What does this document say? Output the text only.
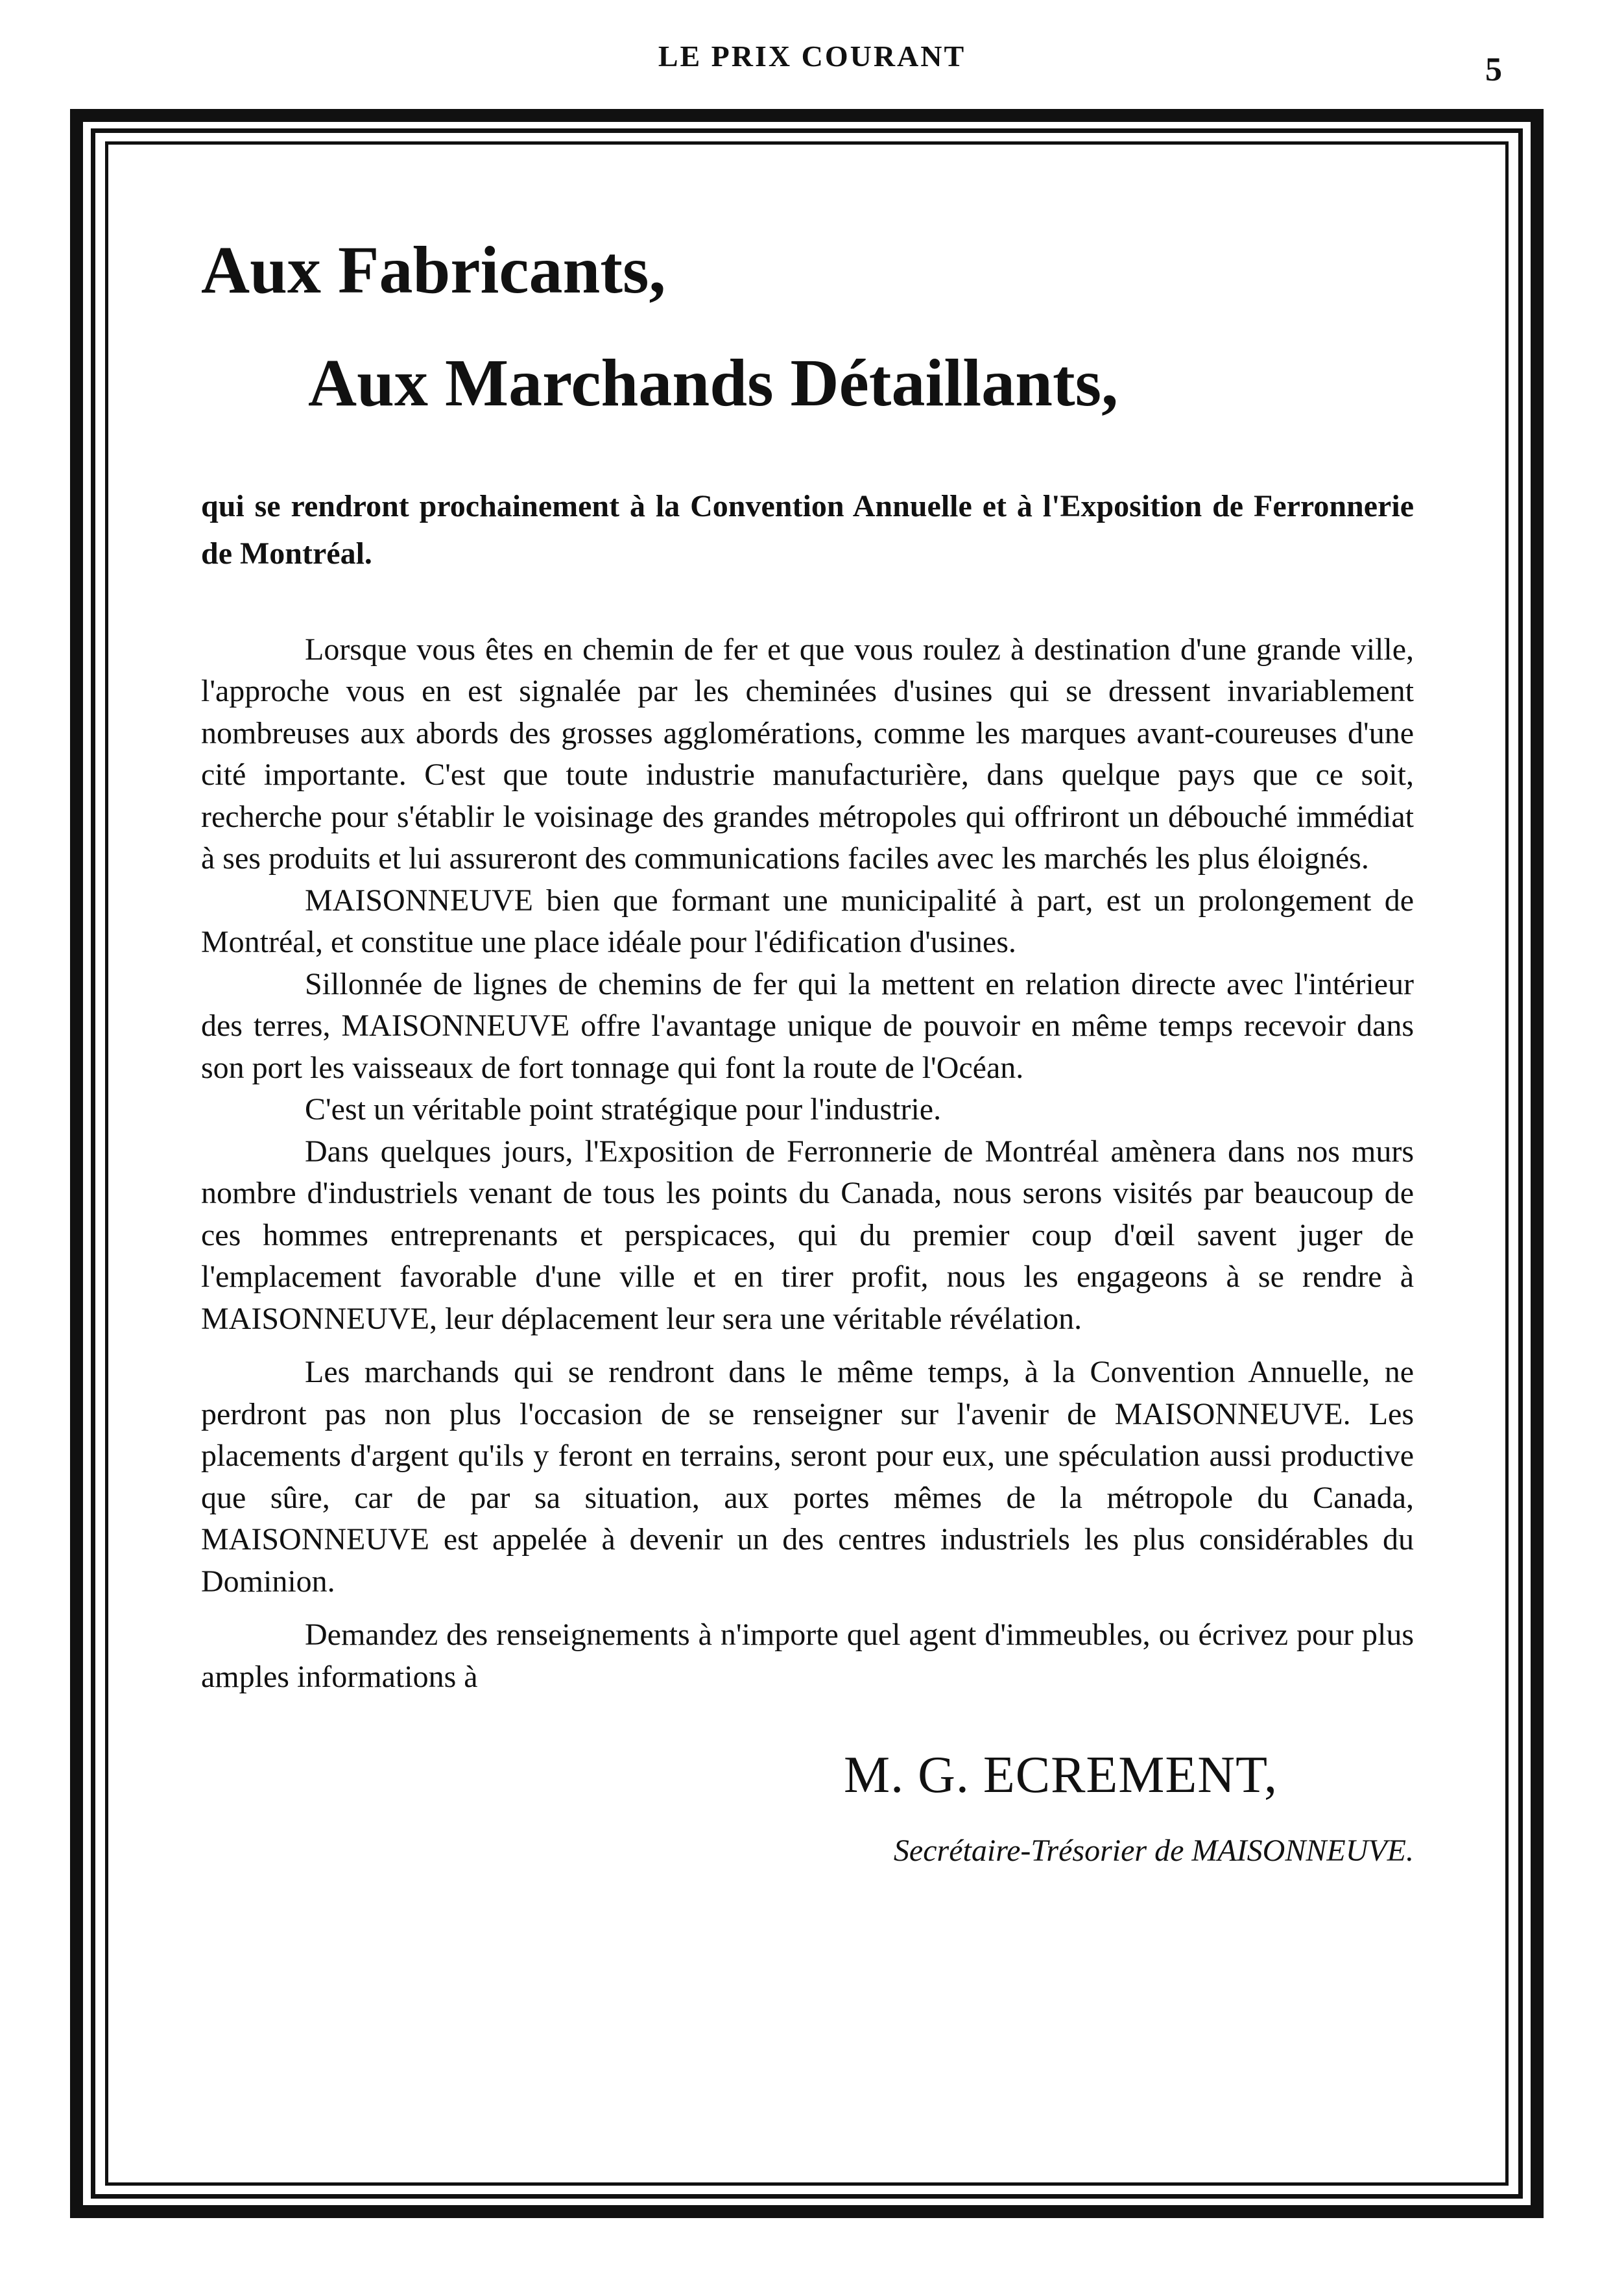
LE PRIX COURANT	5
Aux Fabricants,
Aux Marchands Détaillants,

qui se rendront prochainement à la Convention Annuelle et à l'Exposition de Ferronnerie de Montréal.

Lorsque vous êtes en chemin de fer et que vous roulez à destination d'une grande ville, l'approche vous en est signalée par les cheminées d'usines qui se dressent invariablement nombreuses aux abords des grosses agglomérations, comme les marques avant-coureuses d'une cité importante. C'est que toute industrie manufacturière, dans quelque pays que ce soit, recherche pour s'établir le voisinage des grandes métropoles qui offriront un débouché immédiat à ses produits et lui assureront des communications faciles avec les marchés les plus éloignés.

MAISONNEUVE bien que formant une municipalité à part, est un prolongement de Montréal, et constitue une place idéale pour l'édification d'usines.

Sillonnée de lignes de chemins de fer qui la mettent en relation directe avec l'intérieur des terres, MAISONNEUVE offre l'avantage unique de pouvoir en même temps recevoir dans son port les vaisseaux de fort tonnage qui font la route de l'Océan.

C'est un véritable point stratégique pour l'industrie.

Dans quelques jours, l'Exposition de Ferronnerie de Montréal amènera dans nos murs nombre d'industriels venant de tous les points du Canada, nous serons visités par beaucoup de ces hommes entreprenants et perspicaces, qui du premier coup d'œil savent juger de l'emplacement favorable d'une ville et en tirer profit, nous les engageons à se rendre à MAISONNEUVE, leur déplacement leur sera une véritable révélation.

Les marchands qui se rendront dans le même temps, à la Convention Annuelle, ne perdront pas non plus l'occasion de se renseigner sur l'avenir de MAISONNEUVE. Les placements d'argent qu'ils y feront en terrains, seront pour eux, une spéculation aussi productive que sûre, car de par sa situation, aux portes mêmes de la métropole du Canada, MAISONNEUVE est appelée à devenir un des centres industriels les plus considérables du Dominion.

Demandez des renseignements à n'importe quel agent d'immeubles, ou écrivez pour plus amples informations à

M. G. ECREMENT,
Secrétaire-Trésorier de MAISONNEUVE.
